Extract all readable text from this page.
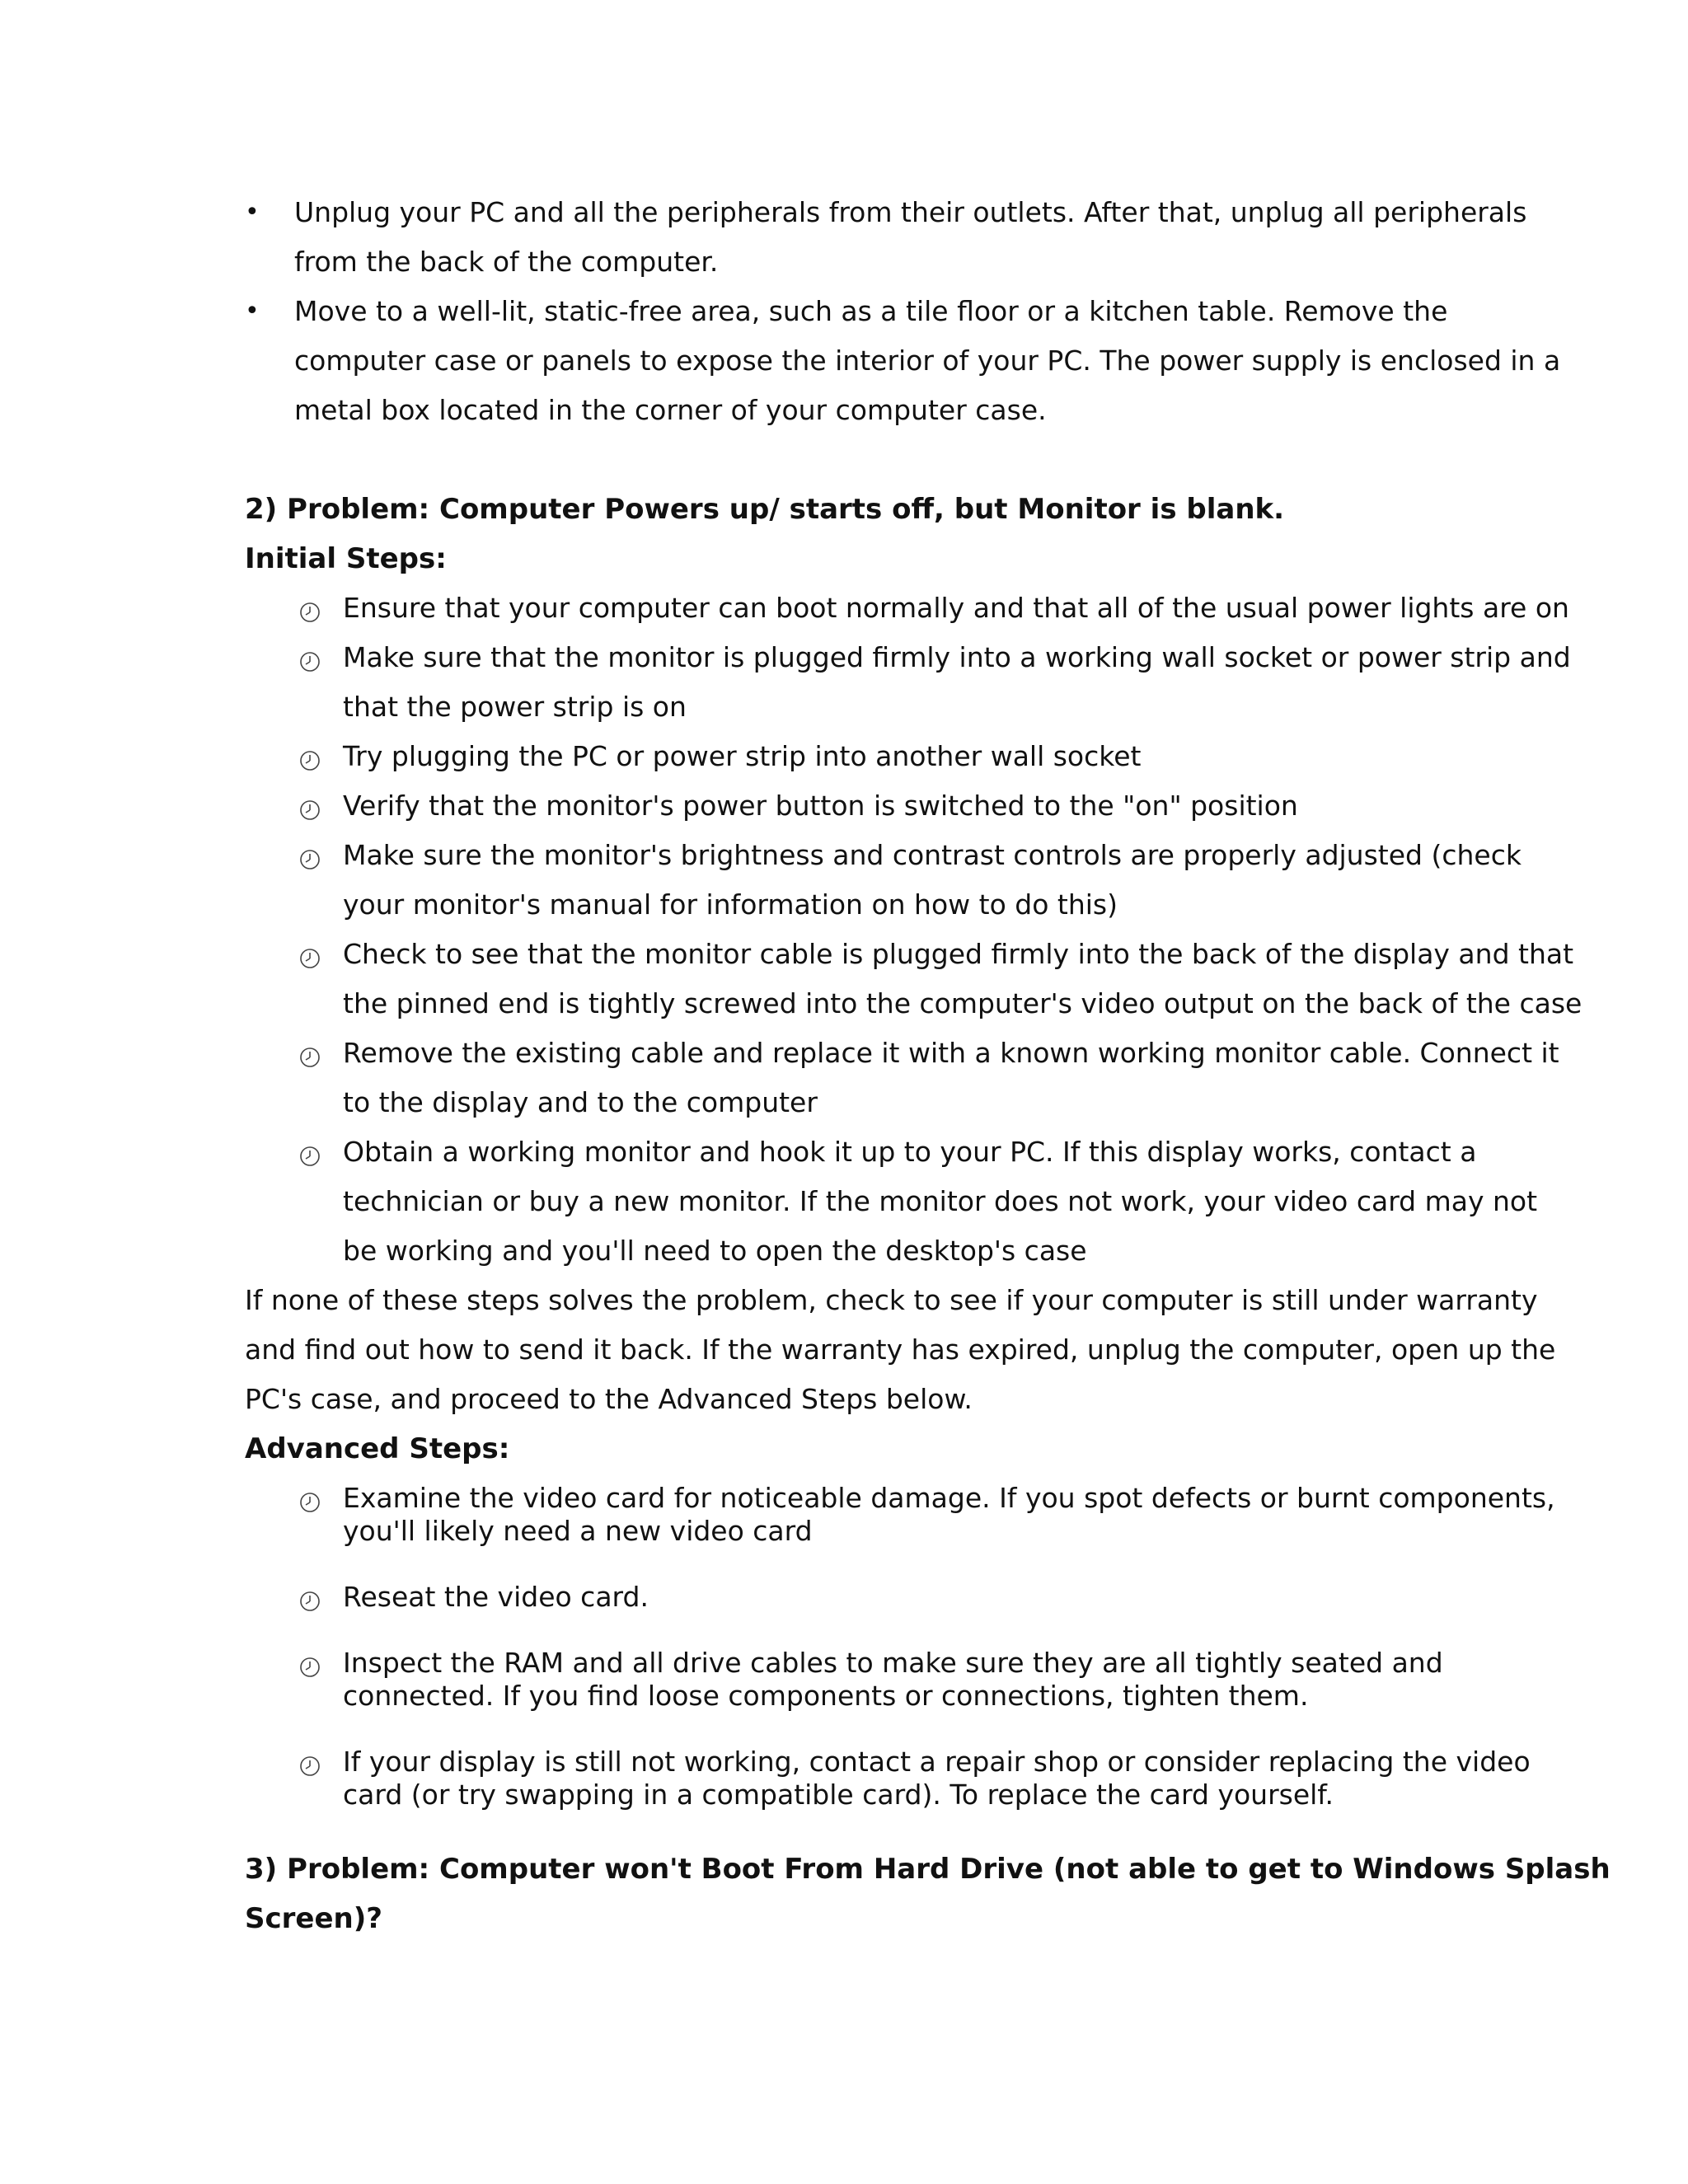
• Unplug your PC and all the peripherals from their outlets. After that, unplug all peripherals
from the back of the computer.
• Move to a well-lit, static-free area, such as a tile floor or a kitchen table. Remove the
computer case or panels to expose the interior of your PC. The power supply is enclosed in a
metal box located in the corner of your computer case.
2) Problem: Computer Powers up/ starts off, but Monitor is blank.
Initial Steps:
Ensure that your computer can boot normally and that all of the usual power lights are on
Make sure that the monitor is plugged firmly into a working wall socket or power strip and
that the power strip is on
Try plugging the PC or power strip into another wall socket
Verify that the monitor's power button is switched to the "on" position
Make sure the monitor's brightness and contrast controls are properly adjusted (check
your monitor's manual for information on how to do this)
Check to see that the monitor cable is plugged firmly into the back of the display and that
the pinned end is tightly screwed into the computer's video output on the back of the case
Remove the existing cable and replace it with a known working monitor cable. Connect it
to the display and to the computer
Obtain a working monitor and hook it up to your PC. If this display works, contact a
technician or buy a new monitor. If the monitor does not work, your video card may not
be working and you'll need to open the desktop's case
If none of these steps solves the problem, check to see if your computer is still under warranty
and find out how to send it back. If the warranty has expired, unplug the computer, open up the
PC's case, and proceed to the Advanced Steps below.
Advanced Steps:
Examine the video card for noticeable damage. If you spot defects or burnt components,
you'll likely need a new video card
Reseat the video card.
Inspect the RAM and all drive cables to make sure they are all tightly seated and
connected. If you find loose components or connections, tighten them.
If your display is still not working, contact a repair shop or consider replacing the video
card (or try swapping in a compatible card). To replace the card yourself.
3) Problem: Computer won't Boot From Hard Drive (not able to get to Windows Splash
Screen)?
